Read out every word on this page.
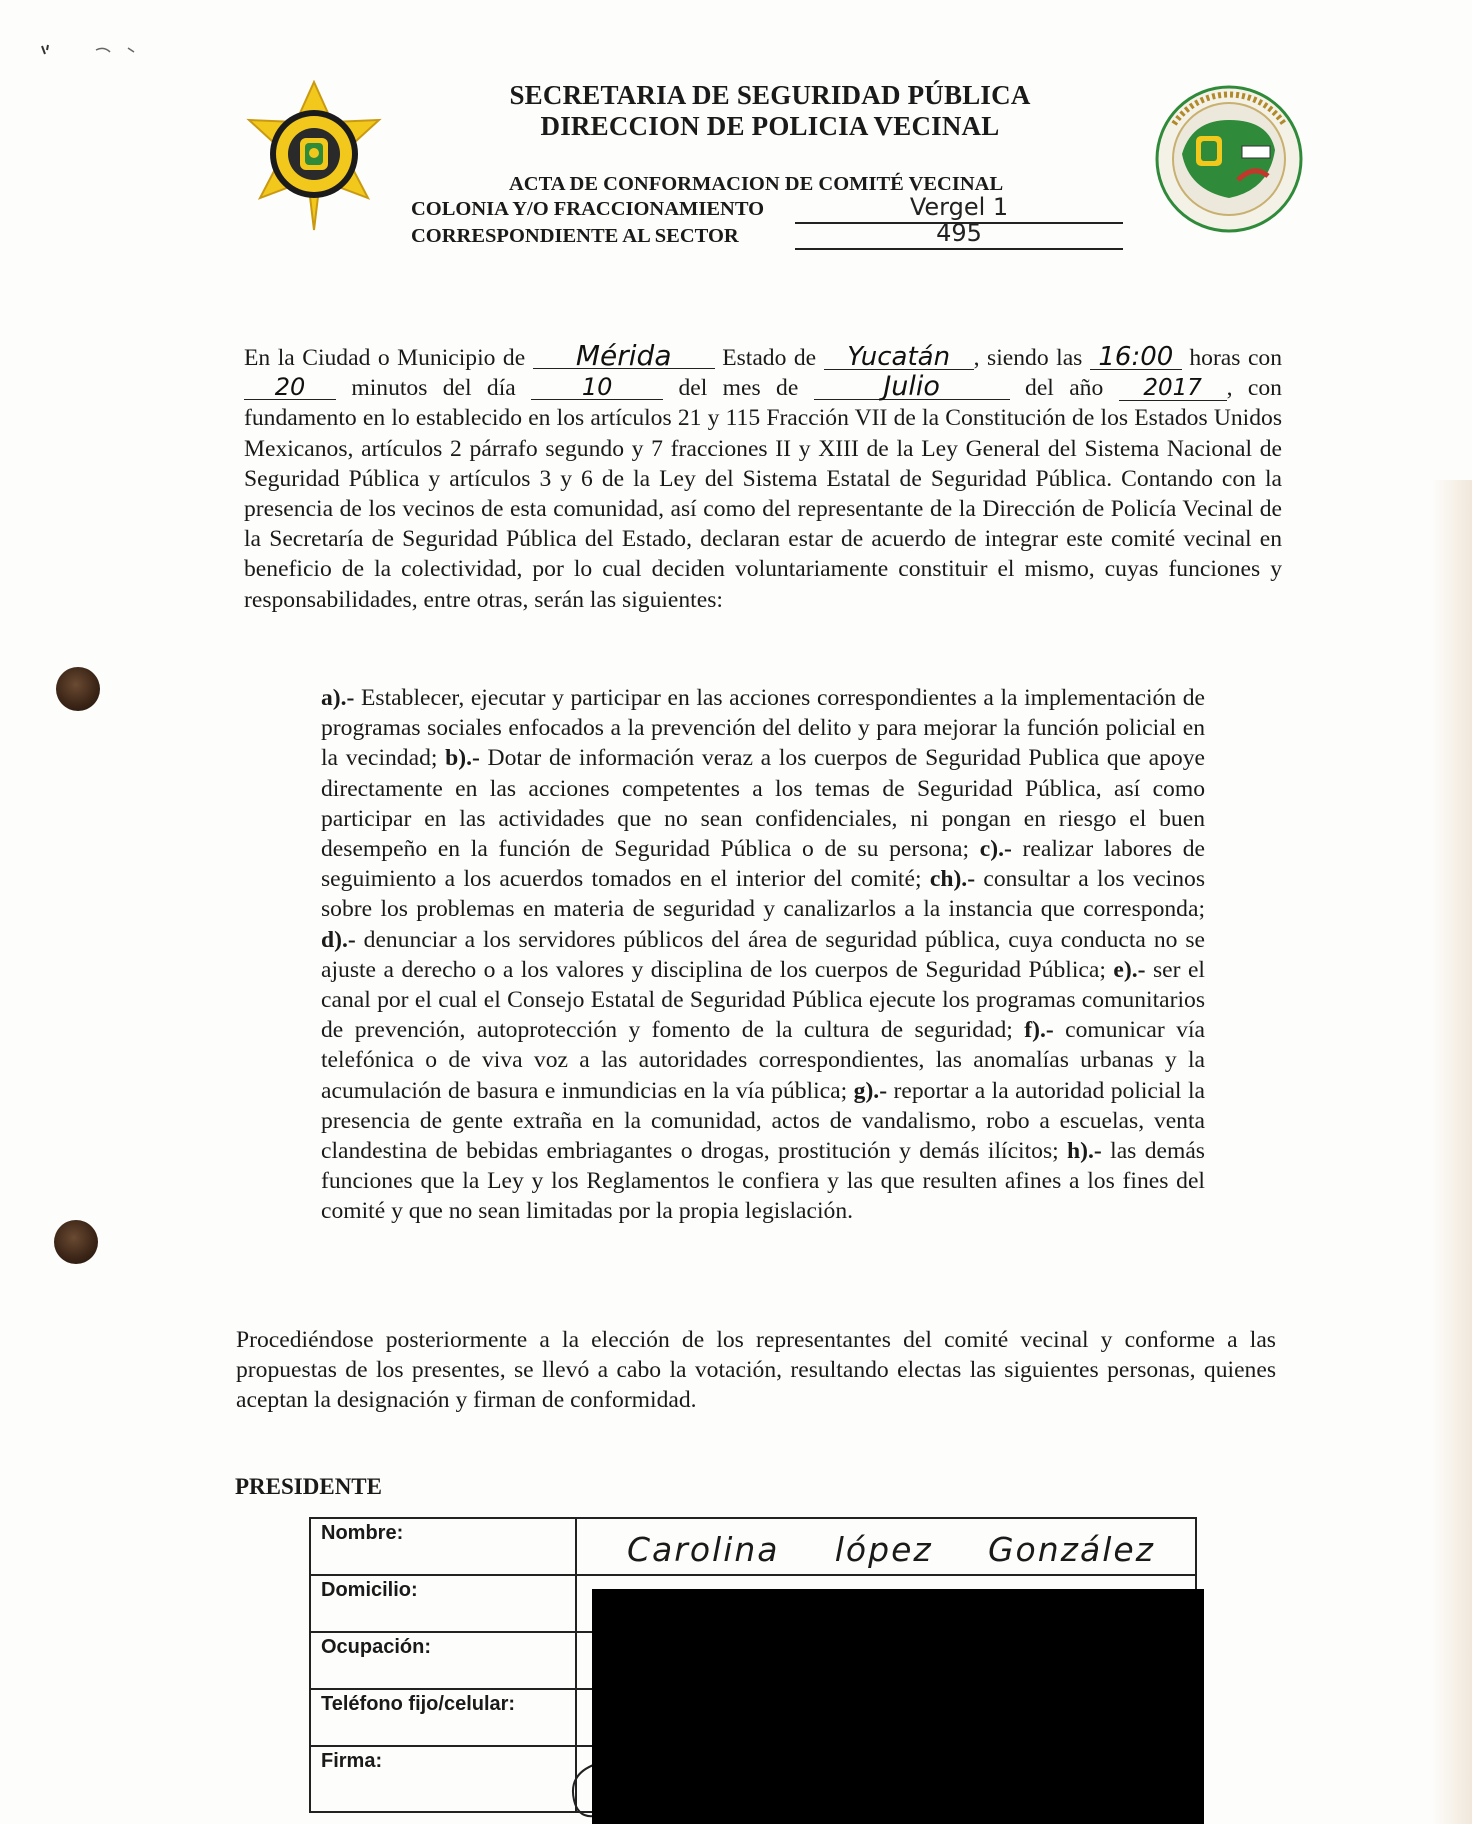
SECRETARIA DE SEGURIDAD PÚBLICA
DIRECCION DE POLICIA VECINAL
ACTA DE CONFORMACION DE COMITÉ VECINAL
COLONIA Y/O FRACCIONAMIENTO	Vergel 1
CORRESPONDIENTE AL SECTOR	495
En la Ciudad o Municipio de Mérida Estado de Yucatán , siendo las 16:00 horas con 20 minutos del día	10	del mes de	Julio	del año 2017 , con fundamento en lo establecido en los artículos 21 y 115 Fracción VII de la Constitución de los Estados Unidos Mexicanos, artículos 2 párrafo segundo y 7 fracciones II y XIII de la Ley General del Sistema Nacional de Seguridad Pública y artículos 3 y 6 de la Ley del Sistema Estatal de Seguridad Pública. Contando con la presencia de los vecinos de esta comunidad, así como del representante de la Dirección de Policía Vecinal de la Secretaría de Seguridad Pública del Estado, declaran estar de acuerdo de integrar este comité vecinal en beneficio de la colectividad, por lo cual deciden voluntariamente constituir el mismo, cuyas funciones y responsabilidades, entre otras, serán las siguientes:
a).- Establecer, ejecutar y participar en las acciones correspondientes a la implementación de programas sociales enfocados a la prevención del delito y para mejorar la función policial en la vecindad; b).- Dotar de información veraz a los cuerpos de Seguridad Publica que apoye directamente en las acciones competentes a los temas de Seguridad Pública, así como participar en las actividades que no sean confidenciales, ni pongan en riesgo el buen desempeño en la función de Seguridad Pública o de su persona; c).- realizar labores de seguimiento a los acuerdos tomados en el interior del comité; ch).- consultar a los vecinos sobre los problemas en materia de seguridad y canalizarlos a la instancia que corresponda; d).- denunciar a los servidores públicos del área de seguridad pública, cuya conducta no se ajuste a derecho o a los valores y disciplina de los cuerpos de Seguridad Pública; e).- ser el canal por el cual el Consejo Estatal de Seguridad Pública ejecute los programas comunitarios de prevención, autoprotección y fomento de la cultura de seguridad; f).- comunicar vía telefónica o de viva voz a las autoridades correspondientes, las anomalías urbanas y la acumulación de basura e inmundicias en la vía pública; g).- reportar a la autoridad policial la presencia de gente extraña en la comunidad, actos de vandalismo, robo a escuelas, venta clandestina de bebidas embriagantes o drogas, prostitución y demás ilícitos; h).- las demás funciones que la Ley y los Reglamentos le confiera y las que resulten afines a los fines del comité y que no sean limitadas por la propia legislación.
Procediéndose posteriormente a la elección de los representantes del comité vecinal y conforme a las propuestas de los presentes, se llevó a cabo la votación, resultando electas las siguientes personas, quienes aceptan la designación y firman de conformidad.
PRESIDENTE
Nombre:	Carolina lópez González

Domicilio:	
Ocupación:	
Teléfono fijo/celular:	
Firma:	
